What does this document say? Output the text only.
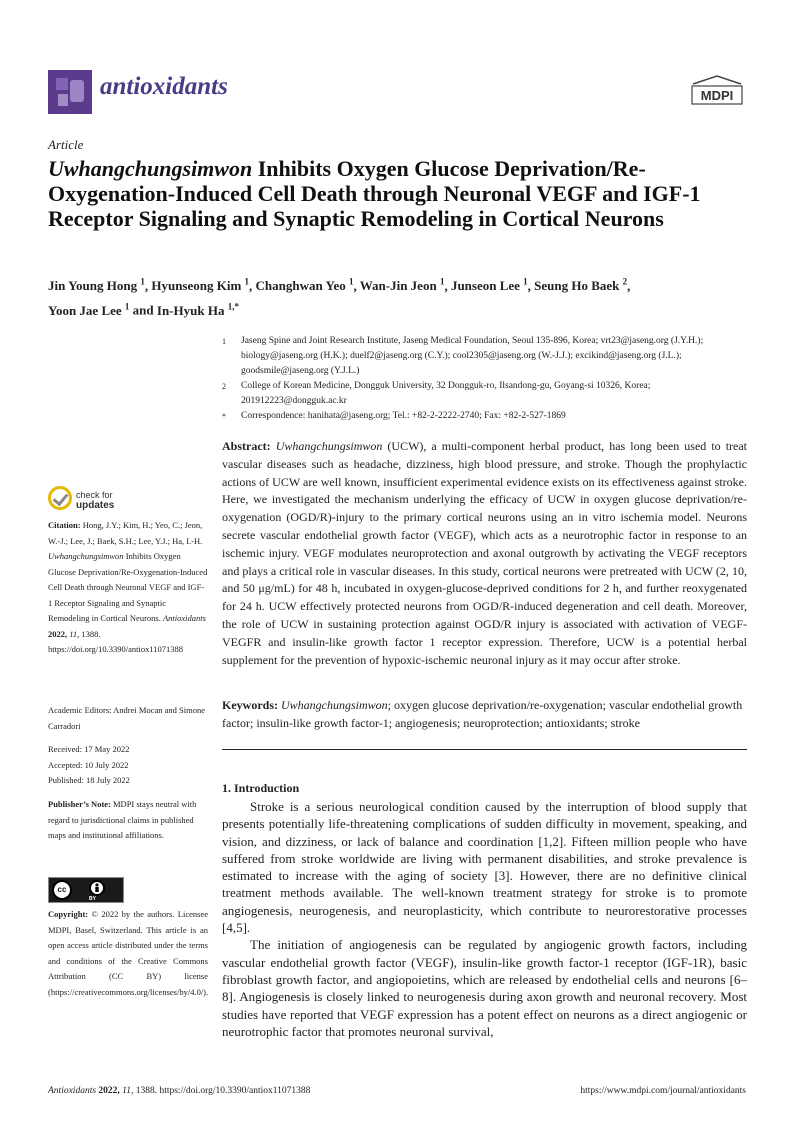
antioxidants	MDPI
Article
Uwhangchungsimwon Inhibits Oxygen Glucose Deprivation/Re-Oxygenation-Induced Cell Death through Neuronal VEGF and IGF-1 Receptor Signaling and Synaptic Remodeling in Cortical Neurons
Jin Young Hong $^1$, Hyunseong Kim $^1$, Changhwan Yeo $^1$, Wan-Jin Jeon $^1$, Junseon Lee $^1$, Seung Ho Baek $^2$,
Yoon Jae Lee $^1$ and In-Hyuk Ha $^{1,*}$
1 Jaseng Spine and Joint Research Institute, Jaseng Medical Foundation, Seoul 135-896, Korea; vrt23@jaseng.org (J.Y.H.); biology@jaseng.org (H.K.); duelf2@jaseng.org (C.Y.); cool2305@jaseng.org (W.-J.J.); excikind@jaseng.org (J.L.); goodsmile@jaseng.org (Y.J.L.)
2 College of Korean Medicine, Dongguk University, 32 Dongguk-ro, Ilsandong-gu, Goyang-si 10326, Korea; 201912223@dongguk.ac.kr
* Correspondence: hanihata@jaseng.org; Tel.: +82-2-2222-2740; Fax: +82-2-527-1869
Abstract: Uwhangchungsimwon (UCW), a multi-component herbal product, has long been used to treat vascular diseases such as headache, dizziness, high blood pressure, and stroke. Though the prophylactic actions of UCW are well known, insufficient experimental evidence exists on its effectiveness against stroke. Here, we investigated the mechanism underlying the efficacy of UCW in oxygen glucose deprivation/re-oxygenation (OGD/R)-injury to the primary cortical neurons using an in vitro ischemia model. Neurons secrete vascular endothelial growth factor (VEGF), which acts as a neurotrophic factor in response to an ischemic injury. VEGF modulates neuroprotection and axonal outgrowth by activating the VEGF receptors and plays a critical role in vascular diseases. In this study, cortical neurons were pretreated with UCW (2, 10, and 50 μg/mL) for 48 h, incubated in oxygen-glucose-deprived conditions for 2 h, and further reoxygenated for 24 h. UCW effectively protected neurons from OGD/R-induced degeneration and cell death. Moreover, the role of UCW in sustaining protection against OGD/R injury is associated with activation of VEGF-VEGFR and insulin-like growth factor 1 receptor expression. Therefore, UCW is a potential herbal supplement for the prevention of hypoxic-ischemic neuronal injury as it may occur after stroke.
Keywords: Uwhangchungsimwon; oxygen glucose deprivation/re-oxygenation; vascular endothelial growth factor; insulin-like growth factor-1; angiogenesis; neuroprotection; antioxidants; stroke
check for
updates
Citation: Hong, J.Y.; Kim, H.; Yeo, C.; Jeon, W.-J.; Lee, J.; Baek, S.H.; Lee, Y.J.; Ha, I.-H. Uwhangchungsimwon Inhibits Oxygen Glucose Deprivation/Re-Oxygenation-Induced Cell Death through Neuronal VEGF and IGF-1 Receptor Signaling and Synaptic Remodeling in Cortical Neurons. Antioxidants 2022, 11, 1388. https://doi.org/10.3390/antiox11071388
Academic Editors: Andrei Mocan and Simone Carradori
Received: 17 May 2022
Accepted: 10 July 2022
Published: 18 July 2022
Publisher’s Note: MDPI stays neutral with regard to jurisdictional claims in published maps and institutional affiliations.
cc
BY
Copyright: © 2022 by the authors. Licensee MDPI, Basel, Switzerland. This article is an open access article distributed under the terms and conditions of the Creative Commons Attribution (CC BY) license (https://creativecommons.org/licenses/by/4.0/).
1. Introduction

Stroke is a serious neurological condition caused by the interruption of blood supply that presents potentially life-threatening complications of sudden difficulty in movement, speaking, and vision, and dizziness, or lack of balance and coordination [1,2]. Fifteen million people who have suffered from stroke worldwide are living with permanent disabilities, and stroke prevalence is estimated to increase with the aging of society [3]. However, there are no definitive clinical treatment methods available. The well-known treatment strategy for stroke is to promote angiogenesis, neurogenesis, and neuroplasticity, which contribute to neurorestorative processes [4,5].

The initiation of angiogenesis can be regulated by angiogenic growth factors, including vascular endothelial growth factor (VEGF), insulin-like growth factor-1 receptor (IGF-1R), basic fibroblast growth factor, and angiopoietins, which are released by endothelial cells and neurons [6–8]. Angiogenesis is closely linked to neurogenesis during axon growth and neuronal recovery. Most studies have reported that VEGF expression has a potent effect on neurons as a direct angiogenic or neurotrophic factor that promotes neuronal survival,

Antioxidants 2022, 11, 1388. https://doi.org/10.3390/antiox11071388	https://www.mdpi.com/journal/antioxidants
